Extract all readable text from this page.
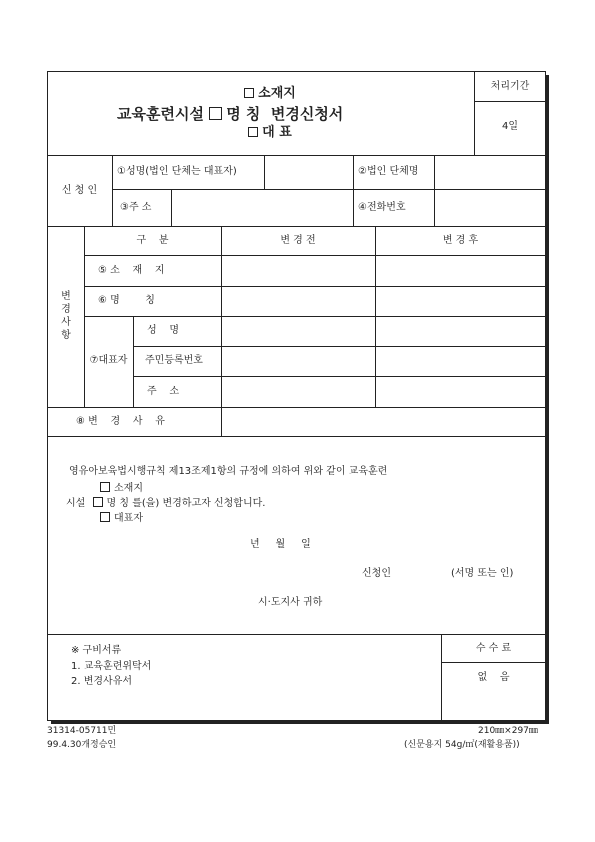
소재지
교육훈련시설 명 칭 변경신청서
대 표
처리기간
4일
신 청 인
①성명(법인 단체는 대표자)	②법인 단체명
③주 소	④전화번호
변경사항
구    분	변 경 전	변 경 후
⑤ 소    재    지
⑥ 명        칭
⑦대표자
성    명
주민등록번호
주    소
⑧ 변    경    사    유
영유아보육법시행규칙 제13조제1항의 규정에 의하여 위와 같이 교육훈련
소재지
시설 명 칭 를(을) 변경하고자 신청합니다.
대표자
년     월     일
신청인	(서명 또는 인)
시·도지사 귀하
※ 구비서류
1. 교육훈련위탁서
2. 변경사유서
수 수 료
없    음
31314-05711민
99.4.30개정승인
210㎜×297㎜
(신문용지 54g/㎡(재활용품))
